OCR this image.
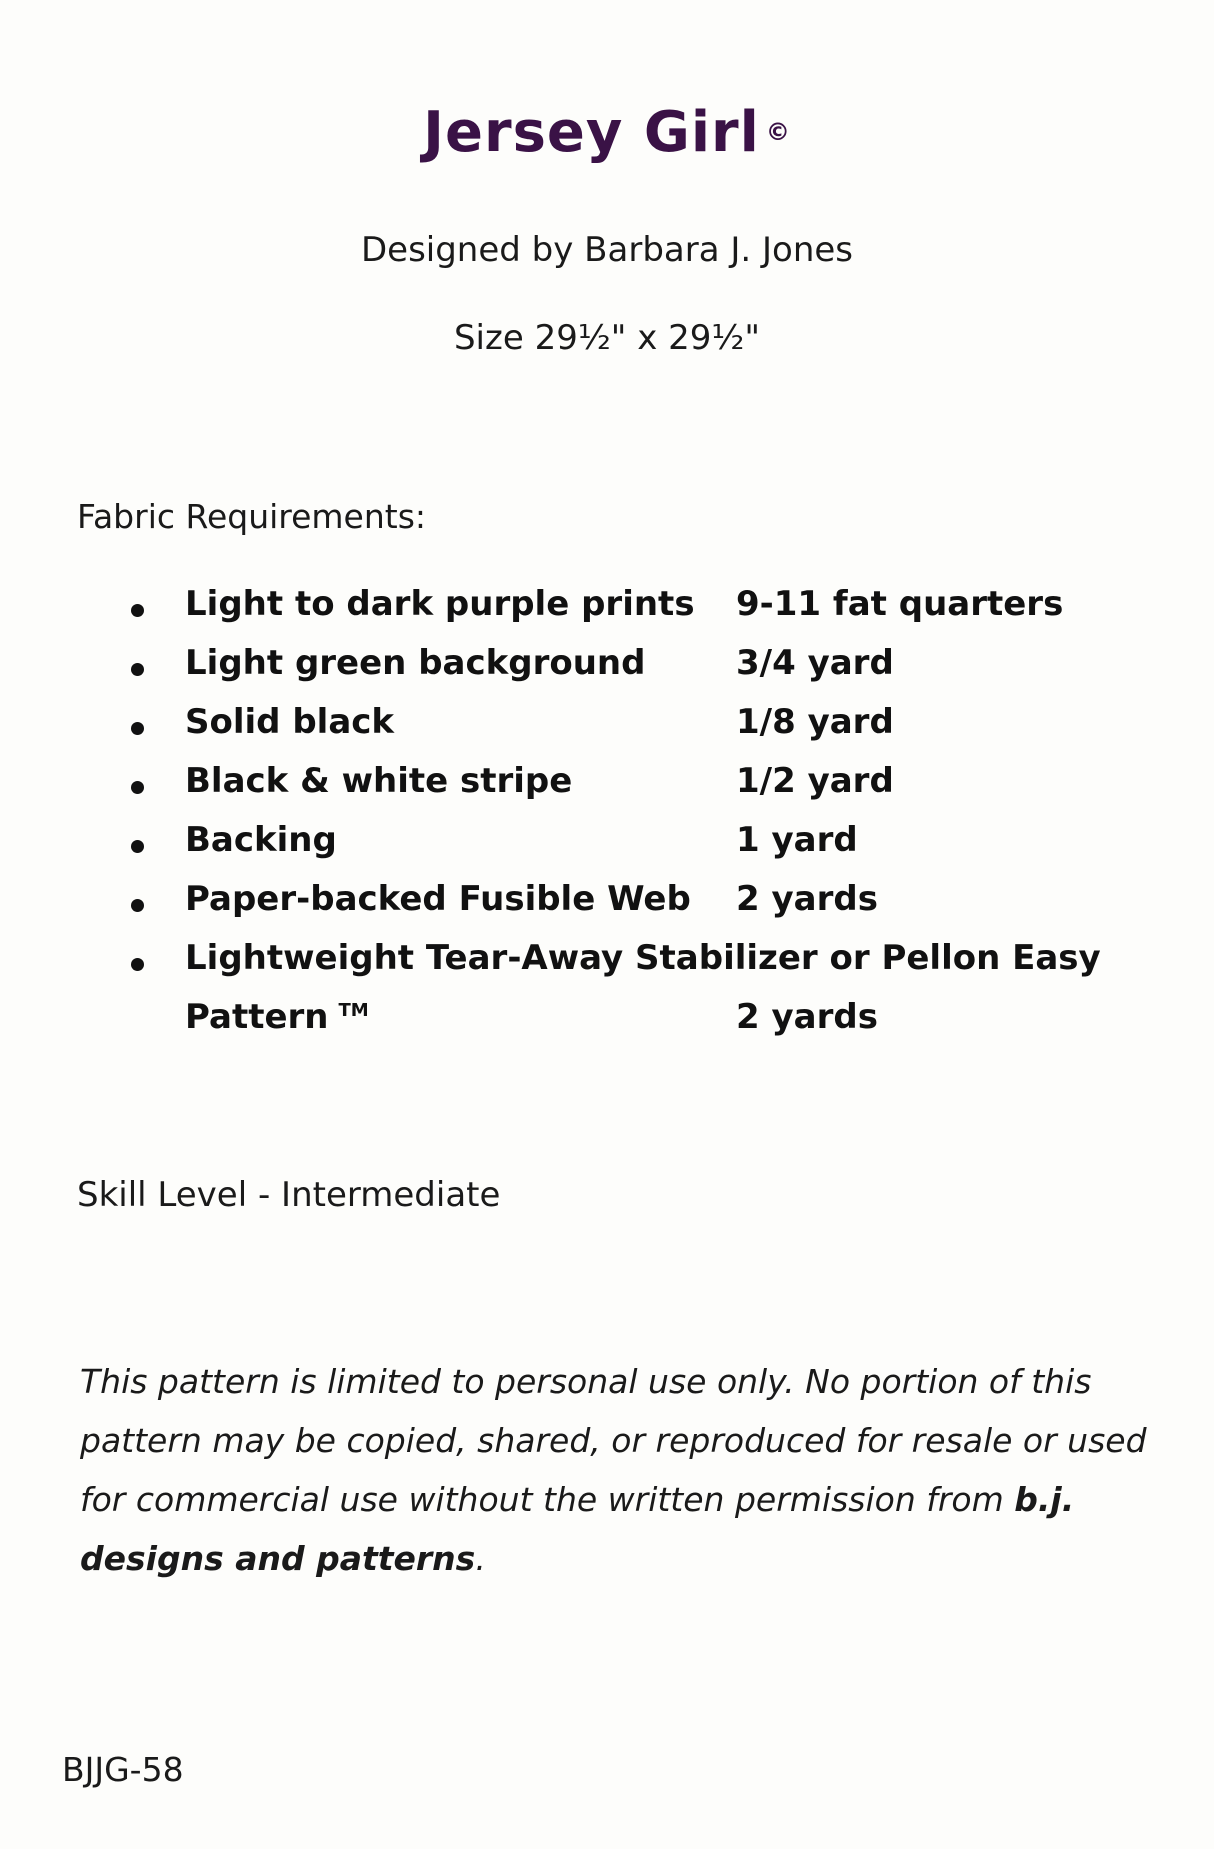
Jersey Girl ©
Designed by Barbara J. Jones
Size 29½" x 29½"
Fabric Requirements:
Light to dark purple prints 9-11 fat quarters
Light green background	3/4 yard
Solid black	1/8 yard
Black & white stripe	1/2 yard
Backing	1 yard
Paper-backed Fusible Web 2 yards
Lightweight Tear-Away Stabilizer or Pellon Easy
Pattern ™	2 yards
Skill Level - Intermediate
This pattern is limited to personal use only. No portion of this pattern may be copied, shared, or reproduced for resale or used for commercial use without the written permission from b.j. designs and patterns.
BJJG-58
